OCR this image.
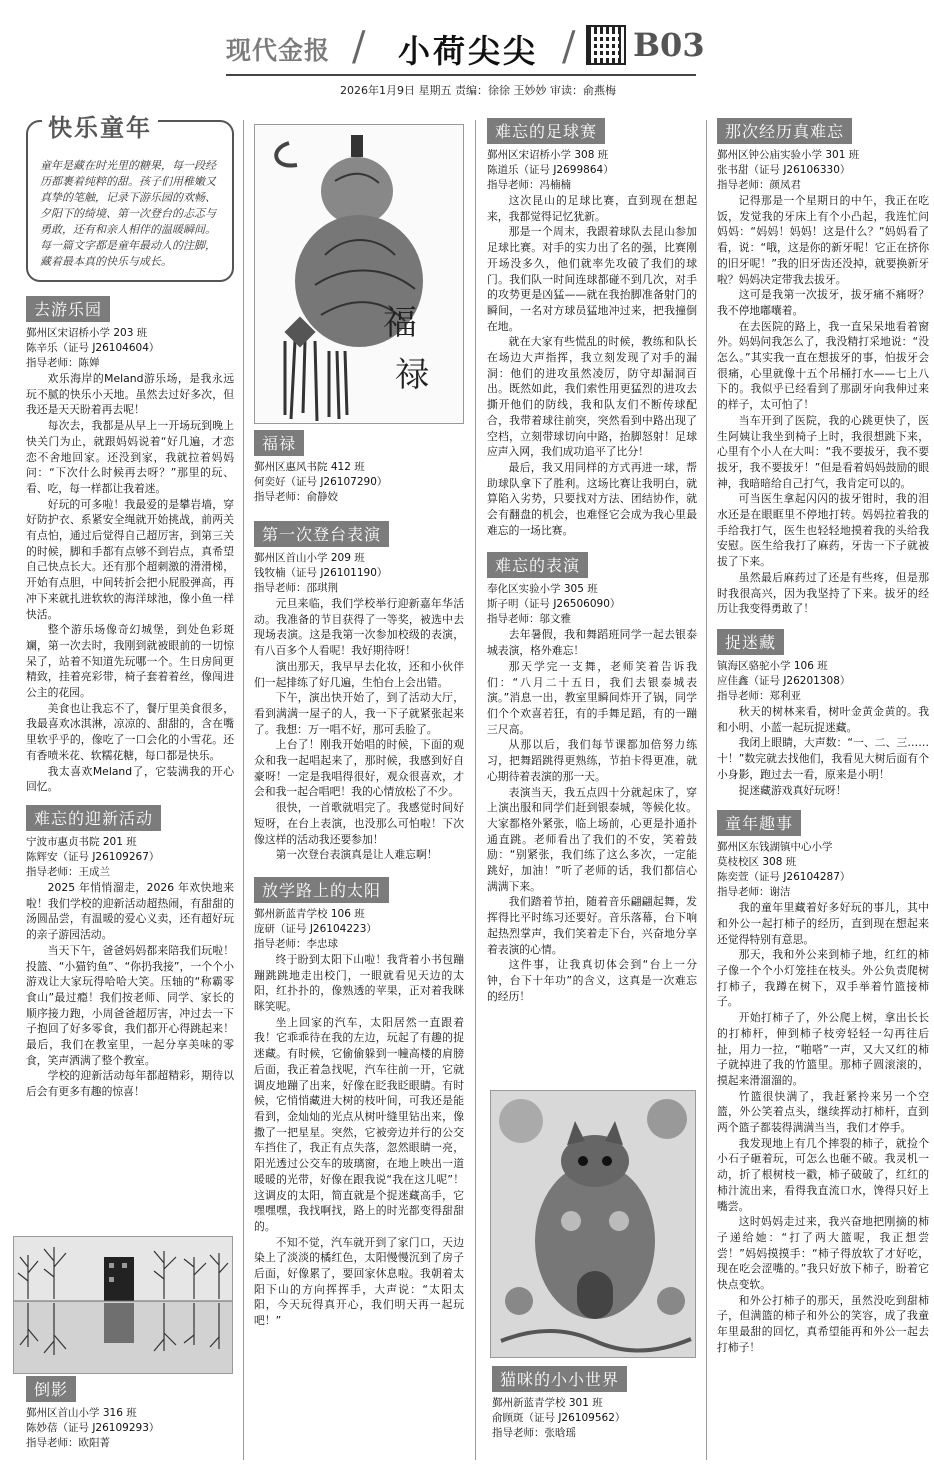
现代金报 / 小荷尖尖 / B03
2026年1月9日 星期五 责编：徐徐 王妙妙 审读：俞燕梅
快乐童年
童年是藏在时光里的糖果，每一段经历都裹着纯粹的甜。孩子们用稚嫩又真挚的笔触，记录下游乐园的欢畅、夕阳下的绮境、第一次登台的忐忑与勇敢，还有和亲人相伴的温暖瞬间。每一篇文字都是童年最动人的注脚，藏着最本真的快乐与成长。
去游乐园
鄞州区宋诏桥小学 203 班
陈辛乐（证号 J26104604）
指导老师：陈婵

欢乐海岸的Meland游乐场，是我永远玩不腻的快乐小天地。虽然去过好多次，但我还是天天盼着再去呢！

每次去，我都是从早上一开场玩到晚上快关门为止，就跟妈妈说着“好几遍，才恋恋不舍地回家。还没到家，我就拉着妈妈问：“下次什么时候再去呀？”那里的玩、看、吃，每一样都让我着迷。

好玩的可多啦！我最爱的是攀岩墙，穿好防护衣、系紧安全绳就开始挑战，前两关有点怕，通过后觉得自己超厉害，到第三关的时候，脚和手都有点够不到岩点，真希望自己快点长大。还有那个超刺激的滑滑梯，开始有点胆，中间转折会把小屁股弹高，再冲下来就扎进软软的海洋球池，像小鱼一样快活。

整个游乐场像奇幻城堡，到处色彩斑斓，第一次去时，我刚到就被眼前的一切惊呆了，站着不知道先玩哪一个。生日房间更精致，挂着亮彩带，椅子套着着丝，像闯进公主的花园。

美食也让我忘不了，餐厅里美食很多，我最喜欢冰淇淋，凉凉的、甜甜的，含在嘴里软乎乎的，像吃了一口会化的小雪花。还有香喷米花、软糯花糖，每口都是快乐。

我太喜欢Meland了，它装满我的开心回忆。

难忘的迎新活动
宁波市惠贞书院 201 班
陈辉安（证号 J26109267）
指导老师：王成兰

2025 年悄悄溜走，2026 年欢快地来啦！我们学校的迎新活动超热闹，有甜甜的汤圆品尝，有温暖的爱心义卖，还有超好玩的亲子游园活动。

当天下午，爸爸妈妈都来陪我们玩啦！投篮、“小猫钓鱼”、“你扔我接”，一个个小游戏让大家玩得哈哈大笑。压轴的“称霸零食山”最过瘾！我们按老师、同学、家长的顺序接力跑，小周爸爸超厉害，冲过去一下子抱回了好多零食，我们都开心得跳起来！最后，我们在教室里，一起分享美味的零食，笑声洒满了整个教室。

学校的迎新活动每年都超精彩，期待以后会有更多有趣的惊喜！

倒影
鄞州区首山小学 316 班
陈妙蓓（证号 J26109293）
指导老师：欧阳菁
福
禄
福禄
鄞州区惠风书院 412 班
何奕好（证号 J26107290）
指导老师：俞静姣
第一次登台表演
鄞州区首山小学 209 班
钱牧楠（证号 J26101190）
指导老师：邵琪荆

元旦来临，我们学校举行迎新嘉年华活动。我准备的节目获得了一等奖，被选中去现场表演。这是我第一次参加校级的表演，有八百多个人看呢！我好期待呀！

演出那天，我早早去化妆，还和小伙伴们一起排练了好几遍，生怕台上会出错。

下午，演出快开始了，到了活动大厅，看到满满一屋子的人，我一下子就紧张起来了。我想：万一唱不好，那可丢脸了。

上台了！刚我开始唱的时候，下面的观众和我一起唱起来了，那时候，我感到好自豪呀！一定是我唱得很好，观众很喜欢，才会和我一起合唱吧！我的心情放松了不少。

很快，一首歌就唱完了。我感觉时间好短呀，在台上表演，也没那么可怕啦！下次像这样的活动我还要参加！

第一次登台表演真是让人难忘啊！

放学路上的太阳
鄞州新蓝青学校 106 班
庞研（证号 J26104223）
指导老师：李忠球

终于盼到太阳下山啦！我背着小书包蹦蹦跳跳地走出校门，一眼就看见天边的太阳，红扑扑的，像熟透的苹果，正对着我眯眯笑呢。

坐上回家的汽车，太阳居然一直跟着我！它乖乖待在我的左边，玩起了有趣的捉迷藏。有时候，它偷偷躲到一幢高楼的肩膀后面，我正着急找呢，汽车往前一开，它就调皮地蹦了出来，好像在眨我眨眼睛。有时候，它悄悄藏进大树的枝叶间，可我还是能看到，金灿灿的光点从树叶缝里钻出来，像撒了一把星星。突然，它被旁边并行的公交车挡住了，我正有点失落，忽然眼睛一亮，阳光透过公交车的玻璃窗，在地上映出一道暖暖的光带，好像在跟我说“我在这儿呢”！这调皮的太阳，简直就是个捉迷藏高手，它嘿嘿嘿，我找啊找，路上的时光都变得甜甜的。

不知不觉，汽车就开到了家门口，天边染上了淡淡的橘红色，太阳慢慢沉到了房子后面，好像累了，要回家休息啦。我朝着太阳下山的方向挥挥手，大声说：“太阳太阳，今天玩得真开心，我们明天再一起玩吧！”

难忘的足球赛
鄞州区宋诏桥小学 308 班
陈道乐（证号 J2699864）
指导老师：冯楠楠

这次昆山的足球比赛，直到现在想起来，我都觉得记忆犹新。

那是一个周末，我跟着球队去昆山参加足球比赛。对手的实力出了名的强，比赛刚开场没多久，他们就率先攻破了我们的球门。我们队一时间连球都碰不到几次，对手的攻势更是凶猛——就在我抬脚准备射门的瞬间，一名对方球员猛地冲过来，把我撞倒在地。

就在大家有些慌乱的时候，教练和队长在场边大声指挥，我立刻发现了对手的漏洞：他们的进攻虽然凌厉，防守却漏洞百出。既然如此，我们索性用更猛烈的进攻去撕开他们的防线，我和队友们不断传球配合，我带着球往前突，突然看到中路出现了空档，立刻带球切向中路，抬脚怒射！足球应声入网，我们成功追平了比分！

最后，我又用同样的方式再进一球，帮助球队拿下了胜利。这场比赛让我明白，就算陷入劣势，只要找对方法、团结协作，就会有翻盘的机会，也难怪它会成为我心里最难忘的一场比赛。

难忘的表演
奉化区实验小学 305 班
斯子明（证号 J26506090）
指导老师：邬文雅

去年暑假，我和舞蹈班同学一起去银泰城表演，格外难忘！

那天学完一支舞，老师笑着告诉我们：“八月二十五日，我们去银泰城表演。”消息一出，教室里瞬间炸开了锅，同学们个个欢喜若狂，有的手舞足蹈，有的一蹦三尺高。

从那以后，我们每节课都加倍努力练习，把舞蹈跳得更熟练，节拍卡得更准，就心期待着表演的那一天。

表演当天，我五点四十分就起床了，穿上演出服和同学们赶到银泰城，等候化妆。大家都格外紧张，临上场前，心更是扑通扑通直跳。老师看出了我们的不安，笑着鼓励：“别紧张，我们练了这么多次，一定能跳好，加油！”听了老师的话，我们都信心满满下来。

我们踏着节拍，随着音乐翩翩起舞，发挥得比平时练习还要好。音乐落幕，台下响起热烈掌声，我们笑着走下台，兴奋地分享着表演的心情。

这件事，让我真切体会到“台上一分钟，台下十年功”的含义，这真是一次难忘的经历！

猫咪的小小世界
鄞州新蓝青学校 301 班
俞顾斑（证号 J26109562）
指导老师：张晗瑶
那次经历真难忘
鄞州区钟公庙实验小学 301 班
张书甜（证号 J26106330）
指导老师：颜凤君

记得那是一个星期日的中午，我正在吃饭，发觉我的牙床上有个小凸起，我连忙问妈妈：“妈妈！妈妈！这是什么？”妈妈看了看，说：“哦，这是你的新牙呢！它正在挤你的旧牙呢！”我的旧牙齿还没掉，就要换新牙啦？妈妈决定带我去拔牙。

这可是我第一次拔牙，拔牙痛不痛呀？我不停地嘟囔着。

在去医院的路上，我一直呆呆地看着窗外。妈妈问我怎么了，我没精打采地说：“没怎么。”其实我一直在想拔牙的事，怕拔牙会很痛，心里就像十五个吊桶打水——七上八下的。我似乎已经看到了那副牙向我伸过来的样子，太可怕了！

当车开到了医院，我的心跳更快了，医生阿姨让我坐到椅子上时，我很想跳下来，心里有个小人在大叫：“我不要拔牙，我不要拔牙，我不要拔牙！”但是看着妈妈鼓励的眼神，我暗暗给自己打气，我肯定可以的。

可当医生拿起闪闪的拔牙钳时，我的泪水还是在眼眶里不停地打转。妈妈拉着我的手给我打气，医生也轻轻地摸着我的头给我安慰。医生给我打了麻药，牙齿一下子就被拔了下来。

虽然最后麻药过了还是有些疼，但是那时我很高兴，因为我坚持了下来。拔牙的经历让我变得勇敢了！

捉迷藏
镇海区骆驼小学 106 班
应佳鑫（证号 J26201308）
指导老师：郑利亚

秋天的树林来看，树叶金黄金黄的。我和小明、小蓝一起玩捉迷藏。

我闭上眼睛，大声数：“一、二、三……十！”数完就去找他们，我看见大树后面有个小身影，跑过去一看，原来是小明！

捉迷藏游戏真好玩呀！

童年趣事
鄞州区东钱湖镇中心小学
莫枝校区 308 班
陈奕萱（证号 J26104287）
指导老师：谢洁

我的童年里藏着好多好玩的事儿，其中和外公一起打柿子的经历，直到现在想起来还觉得特别有意思。

那天，我和外公来到柿子地，红红的柿子像一个个小灯笼挂在枝头。外公负责爬树打柿子，我蹲在树下，双手举着竹篮接柿子。

开始打柿子了，外公爬上树，拿出长长的打柿杆，伸到柿子枝旁轻轻一勾再往后扯，用力一拉，“啪嗒”一声，又大又红的柿子就掉进了我的竹篮里。那柿子圆滚滚的，摸起来滑溜溜的。

竹篮很快满了，我赶紧拎来另一个空篮，外公笑着点头，继续挥动打柿杆，直到两个篮子都装得满满当当，我们才停手。

我发现地上有几个摔裂的柿子，就捡个小石子砸着玩，可怎么也砸不破。我灵机一动，折了根树枝一戳，柿子破破了，红红的柿汁流出来，看得我直流口水，馋得只好上嘴尝。

这时妈妈走过来，我兴奋地把刚摘的柿子递给她：“打了两大篮呢，我正想尝尝！”妈妈摸摸手：“柿子得放软了才好吃，现在吃会涩嘴的。”我只好放下柿子，盼着它快点变软。

和外公打柿子的那天，虽然没吃到甜柿子，但满篮的柿子和外公的笑容，成了我童年里最甜的回忆，真希望能再和外公一起去打柿子！
